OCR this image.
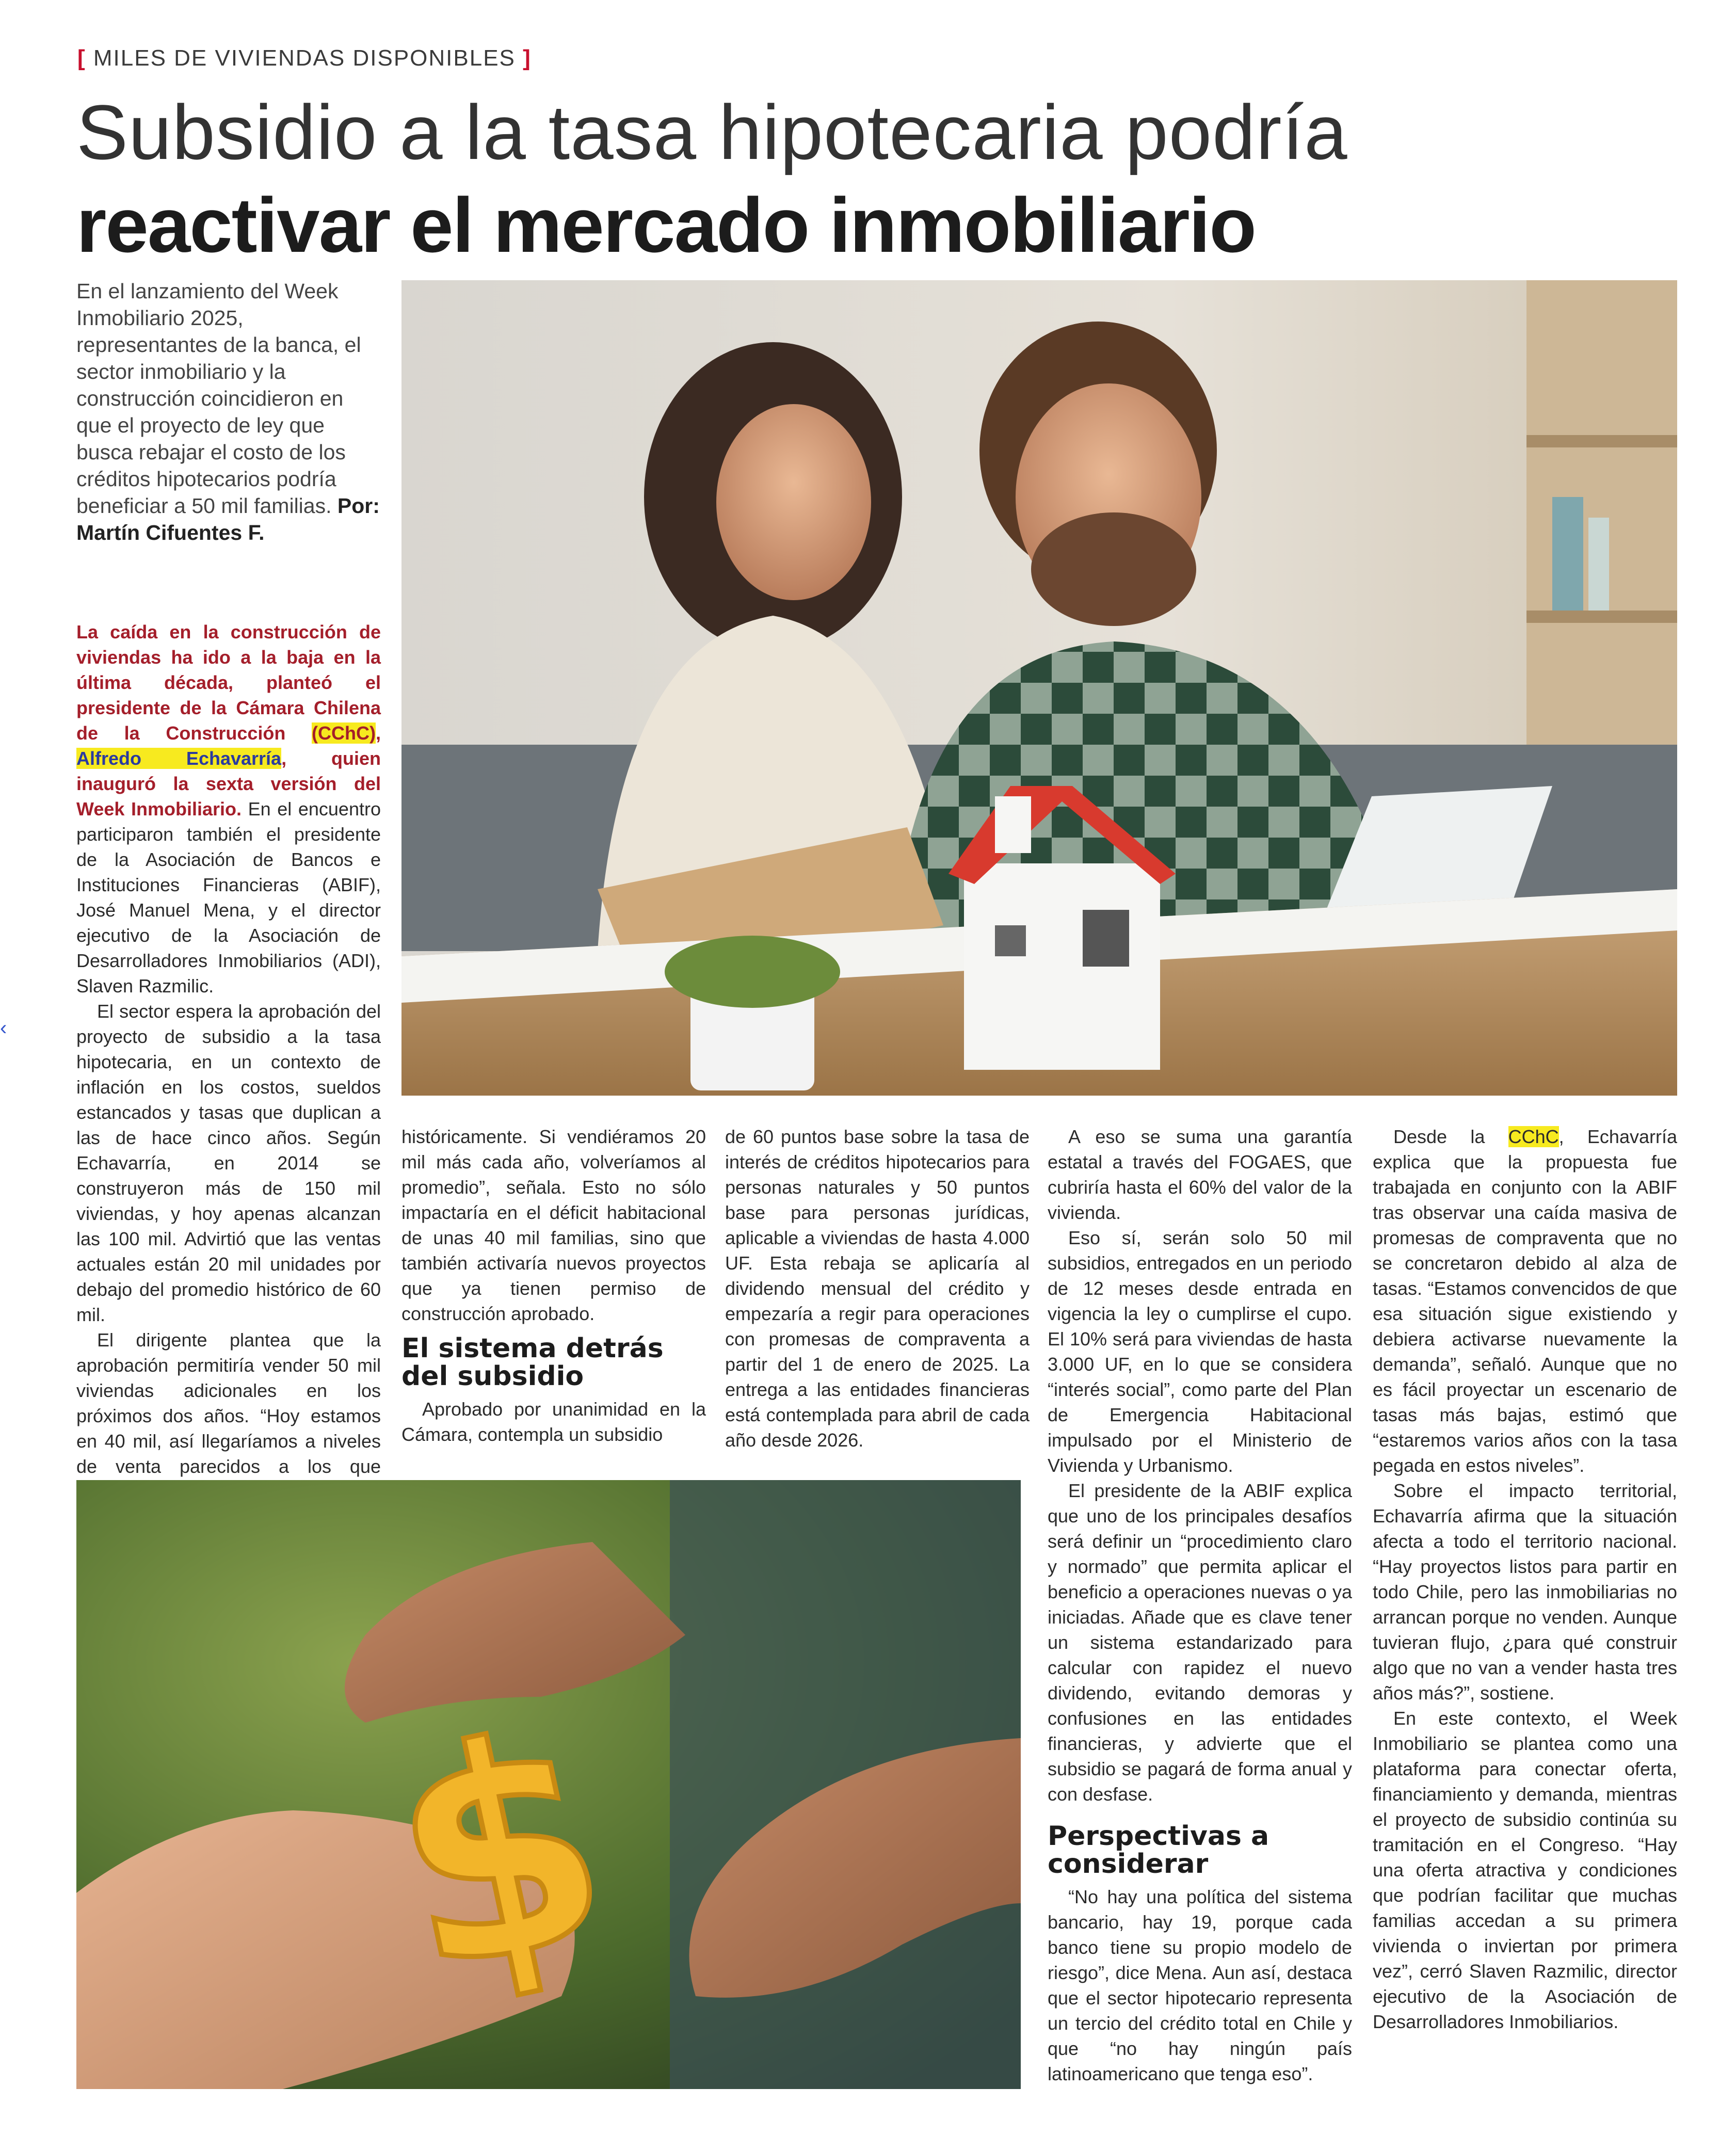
[ MILES DE VIVIENDAS DISPONIBLES ]
Subsidio a la tasa hipotecaria podría
reactivar el mercado inmobiliario
En el lanzamiento del Week Inmobiliario 2025, representantes de la banca, el sector inmobiliario y la construcción coincidieron en que el proyecto de ley que busca rebajar el costo de los créditos hipotecarios podría beneficiar a 50 mil familias. Por: Martín Cifuentes F.

La caída en la construcción de viviendas ha ido a la baja en la última década, planteó el presidente de la Cámara Chilena de la Construcción (CChC), Alfredo Echavarría, quien inauguró la sexta versión del Week Inmobiliario. En el encuentro participaron también el presidente de la Asociación de Bancos e Instituciones Financieras (ABIF), José Manuel Mena, y el director ejecutivo de la Asociación de Desarrolladores Inmobiliarios (ADI), Slaven Razmilic.

El sector espera la aprobación del proyecto de subsidio a la tasa hipotecaria, en un contexto de inflación en los costos, sueldos estancados y tasas que duplican a las de hace cinco años. Según Echavarría, en 2014 se construyeron más de 150 mil viviendas, y hoy apenas alcanzan las 100 mil. Advirtió que las ventas actuales están 20 mil unidades por debajo del promedio histórico de 60 mil.

El dirigente plantea que la aprobación permitiría vender 50 mil viviendas adicionales en los próximos dos años. “Hoy estamos en 40 mil, así llegaríamos a niveles de venta parecidos a los que

‹

históricamente. Si vendiéramos 20 mil más cada año, volveríamos al promedio”, señala. Esto no sólo impactaría en el déficit habitacional de unas 40 mil familias, sino que también activaría nuevos proyectos que ya tienen permiso de construcción aprobado.

El sistema detrás del subsidio

Aprobado por unanimidad en la Cámara, contempla un subsidio

de 60 puntos base sobre la tasa de interés de créditos hipotecarios para personas naturales y 50 puntos base para personas jurídicas, aplicable a viviendas de hasta 4.000 UF. Esta rebaja se aplicaría al dividendo mensual del crédito y empezaría a regir para operaciones con promesas de compraventa a partir del 1 de enero de 2025. La entrega a las entidades financieras está contemplada para abril de cada año desde 2026.

$

A eso se suma una garantía estatal a través del FOGAES, que cubriría hasta el 60% del valor de la vivienda.

Eso sí, serán solo 50 mil subsidios, entregados en un periodo de 12 meses desde entrada en vigencia la ley o cumplirse el cupo. El 10% será para viviendas de hasta 3.000 UF, en lo que se considera “interés social”, como parte del Plan de Emergencia Habitacional impulsado por el Ministerio de Vivienda y Urbanismo.

El presidente de la ABIF explica que uno de los principales desafíos será definir un “procedimiento claro y normado” que permita aplicar el beneficio a operaciones nuevas o ya iniciadas. Añade que es clave tener un sistema estandarizado para calcular con rapidez el nuevo dividendo, evitando demoras y confusiones en las entidades financieras, y advierte que el subsidio se pagará de forma anual y con desfase.

Perspectivas a considerar

“No hay una política del sistema bancario, hay 19, porque cada banco tiene su propio modelo de riesgo”, dice Mena. Aun así, destaca que el sector hipotecario representa un tercio del crédito total en Chile y que “no hay ningún país latinoamericano que tenga eso”.

Desde la CChC, Echavarría explica que la propuesta fue trabajada en conjunto con la ABIF tras observar una caída masiva de promesas de compraventa que no se concretaron debido al alza de tasas. “Estamos convencidos de que esa situación sigue existiendo y debiera activarse nuevamente la demanda”, señaló. Aunque que no es fácil proyectar un escenario de tasas más bajas, estimó que “estaremos varios años con la tasa pegada en estos niveles”.

Sobre el impacto territorial, Echavarría afirma que la situación afecta a todo el territorio nacional. “Hay proyectos listos para partir en todo Chile, pero las inmobiliarias no arrancan porque no venden. Aunque tuvieran flujo, ¿para qué construir algo que no van a vender hasta tres años más?”, sostiene.

En este contexto, el Week Inmobiliario se plantea como una plataforma para conectar oferta, financiamiento y demanda, mientras el proyecto de subsidio continúa su tramitación en el Congreso. “Hay una oferta atractiva y condiciones que podrían facilitar que muchas familias accedan a su primera vivienda o inviertan por primera vez”, cerró Slaven Razmilic, director ejecutivo de la Asociación de Desarrolladores Inmobiliarios.
